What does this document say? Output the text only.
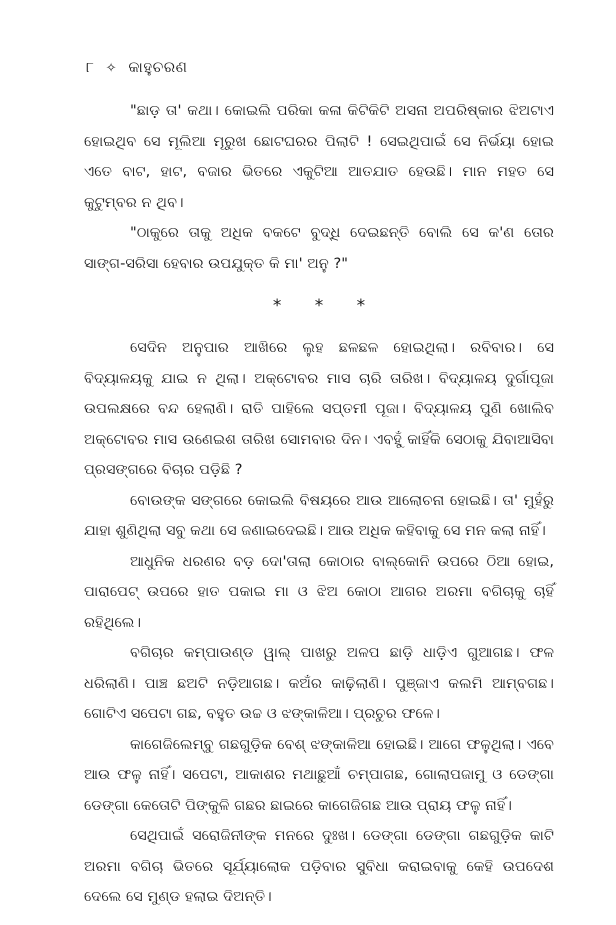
୮ ✧ କାହୁଚରଣ

"ଛାଡ଼ ତା' କଥା। କୋଇଲି ପରିକା କଳା କିଟିକିଟି ଅସନା ଅପରିଷ୍କାର ଝିଅଟାଏ ହୋଇଥିବ ସେ ମୂଲିଆ ମୂରୁଖ ଛୋଟଘରର ପିଲାଟି ! ସେଇଥିପାଇଁ ସେ ନିର୍ଭୟା ହୋଇ ଏତେ ବାଟ, ହାଟ, ବଜାର ଭିତରେ ଏକୁଟିଆ ଆତଯାତ ହେଉଛି। ମାନ ମହତ ସେ କୁଟୁମ୍ବର ନ ଥିବ।

"ଠାକୁରେ ତାକୁ ଅଧିକ ବକଟେ ବୁଦ୍ଧି ଦେଇଛନ୍ତି ବୋଲି ସେ କ'ଣ ତୋର ସାଙ୍ଗ-ସରିସା ହେବାର ଉପଯୁକ୍ତ କି ମା' ଅନୁ ?"

* * *

ସେଦିନ ଅନୁପାର ଆଖିରେ ଲୁହ ଛଳଛଳ ହୋଇଥିଲା। ରବିବାର। ସେ ବିଦ୍ୟାଳୟକୁ ଯାଇ ନ ଥିଲା। ଅକ୍ଟୋବର ମାସ ଚାରି ତାରିଖ। ବିଦ୍ୟାଳୟ ଦୁର୍ଗାପୂଜା ଉପଲକ୍ଷରେ ବନ୍ଦ ହେଲାଣି। ରାତି ପାହିଲେ ସପ୍ତମୀ ପୂଜା। ବିଦ୍ୟାଳୟ ପୁଣି ଖୋଲିବ ଅକ୍ଟୋବର ମାସ ଉଣେଇଶ ତାରିଖ ସୋମବାର ଦିନ। ଏବହୁଁ କାହିଁକି ସେଠାକୁ ଯିବାଆସିବା ପ୍ରସଙ୍ଗରେ ବିଚାର ପଡ଼ିଛି ?

ବୋଉଙ୍କ ସଙ୍ଗରେ କୋଇଲି ବିଷୟରେ ଆଉ ଆଲୋଚନା ହୋଇଛି। ତା' ମୁହଁରୁ ଯାହା ଶୁଣିଥିଲା ସବୁ କଥା ସେ ଜଣାଇଦେଇଛି। ଆଉ ଅଧିକ କହିବାକୁ ସେ ମନ କଲା ନାହିଁ।

ଆଧୁନିକ ଧରଣର ବଡ଼ ଦୋ'ତାଲା କୋଠାର ବାଲ୍‌କୋନି ଉପରେ ଠିଆ ହୋଇ, ପାରାପେଟ୍ ଉପରେ ହାତ ପକାଇ ମା ଓ ଝିଅ କୋଠା ଆଗର ଅରମା ବଗିଚାକୁ ଚାହିଁ ରହିଥିଲେ।

ବଗିଚାର କମ୍ପାଉଣ୍ଡ ୱାଲ୍ ପାଖରୁ ଅଳପ ଛାଡ଼ି ଧାଡ଼ିଏ ଗୁଆଗଛ। ଫଳ ଧରିଲାଣି। ପାଞ୍ଚ ଛଅଟି ନଡ଼ିଆଗଛ। କଅଁର କାଢ଼ିଲାଣି। ପୁଞ୍ଜାଏ କଲମି ଆମ୍ବଗଛ। ଗୋଟିଏ ସପେଟା ଗଛ, ବହୁତ ଉଚ୍ଚ ଓ ଝଙ୍କାଳିଆ। ପ୍ରଚୁର ଫଳେ।

କାଗେଜିଲେମ୍ବୁ ଗଛଗୁଡ଼ିକ ବେଶ୍ ଝଙ୍କାଳିଆ ହୋଇଛି। ଆଗେ ଫଳୁଥିଲା। ଏବେ ଆଉ ଫଳୁ ନାହିଁ। ସପେଟା, ଆକାଶର ମଥାଛୁଆଁ ଚମ୍ପାଗଛ, ଗୋଲାପଜାମୁ ଓ ଡେଙ୍ଗା ଡେଙ୍ଗା କେତୋଟି ପିଙ୍କୁଳି ଗଛର ଛାଇରେ କାଗେଜିଗଛ ଆଉ ପ୍ରାୟ ଫଳୁ ନାହିଁ।

ସେଥିପାଇଁ ସରୋଜିନୀଙ୍କ ମନରେ ଦୁଃଖ। ଡେଙ୍ଗା ଡେଙ୍ଗା ଗଛଗୁଡ଼ିକ କାଟି ଅରମା ବଗିଚା ଭିତରେ ସୂର୍ଯ୍ୟାଲୋକ ପଡ଼ିବାର ସୁବିଧା କରାଇବାକୁ କେହି ଉପଦେଶ ଦେଲେ ସେ ମୁଣ୍ଡ ହଲାଇ ଦିଅନ୍ତି।
